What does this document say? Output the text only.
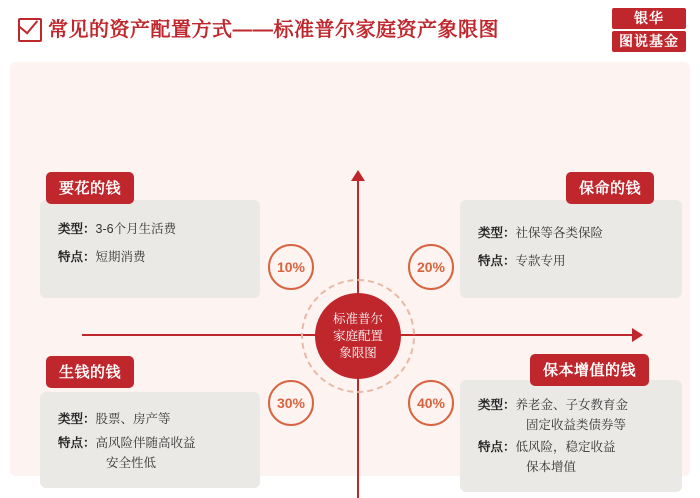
常见的资产配置方式——标准普尔家庭资产象限图
银华
图说基金
标准普尔
家庭配置
象限图
10%	20%
30%	40%
要花的钱
类型：3-6个月生活费
特点：短期消费
保命的钱
类型：社保等各类保险
特点：专款专用
生钱的钱
类型：股票、房产等
特点：高风险伴随高收益
安全性低
保本增值的钱
类型：养老金、子女教育金
固定收益类债券等
特点：低风险，稳定收益
保本增值
